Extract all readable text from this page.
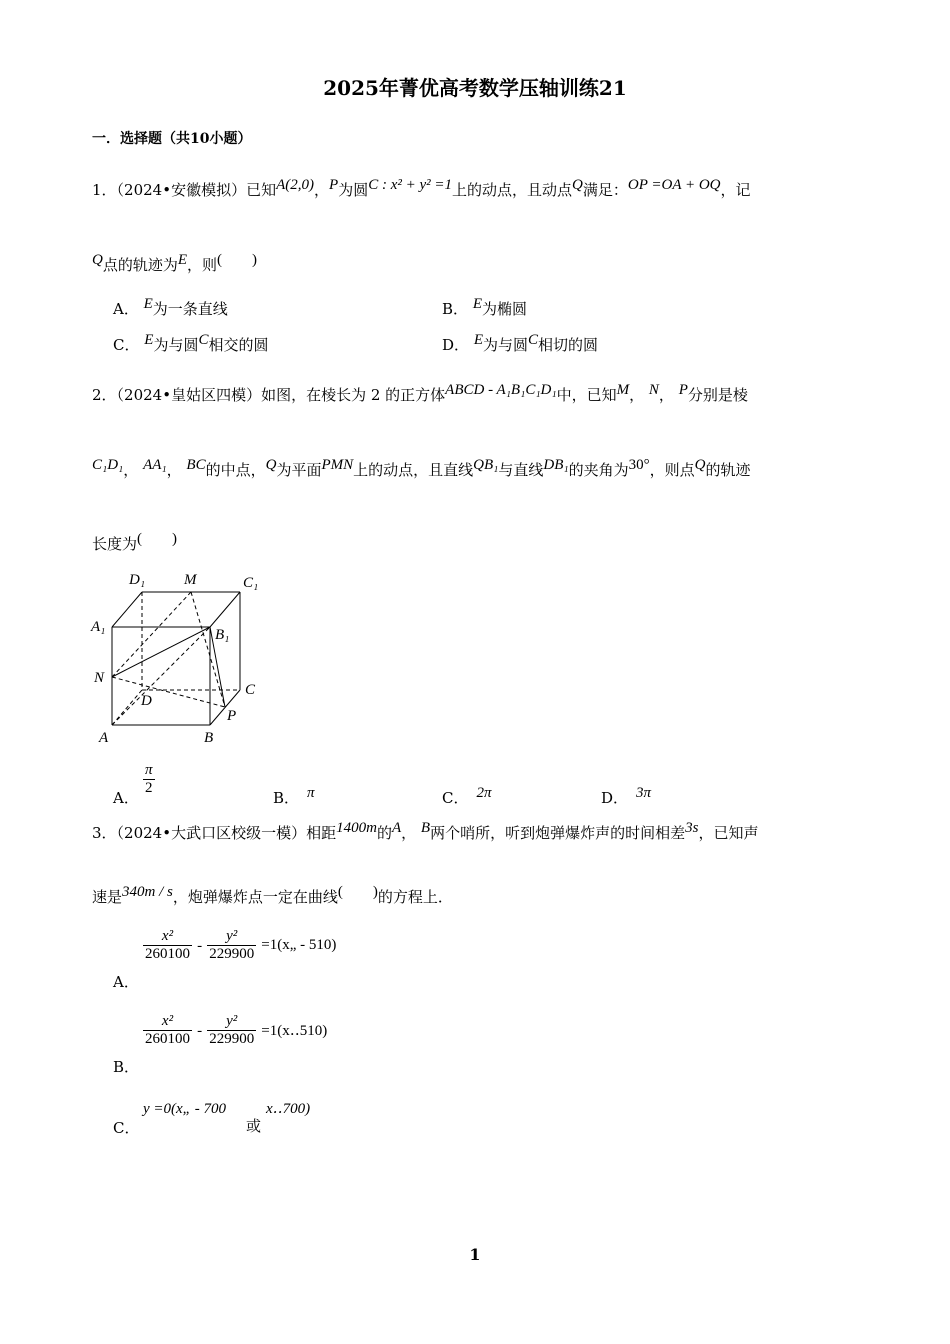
2025年菁优高考数学压轴训练21
一．选择题（共10小题）
1．（2024•安徽模拟）已知A(2,0)，P为圆C : x² + y² =1上的动点，且动点Q满足：OP =OA + OQ，记
Q点的轨迹为E，则(　　)
A． E为一条直线	B． E为椭圆
C． E为与圆C相交的圆	D． E为与圆C相切的圆
2．（2024•皇姑区四模）如图，在棱长为 2 的正方体ABCD - A₁B₁C₁D₁中，已知M， N， P分别是棱
C₁D₁， AA₁， BC的中点，Q为平面PMN上的动点，且直线QB₁与直线DB₁的夹角为30°，则点Q的轨迹
长度为(　　)
D₁	M	C₁
A₁	B₁
N
C
D
P
A	B
A．
$\frac{\pi}{2}$
B． π	C． 2π	D． 3π
3．（2024•大武口区校级一模）相距1400m的A， B两个哨所，听到炮弹爆炸声的时间相差3s，已知声
速是340m / s，炮弹爆炸点一定在曲线(　　)的方程上．
$\frac{\text{x²}}{260100} - \frac{\text{y²}}{229900}$ =1(x„ - 510)
A．
$\frac{\text{x²}}{260100} - \frac{\text{y²}}{229900}$ =1(x‥510)
B．
y =0(x„ - 700
C．	或
x‥700)
1
